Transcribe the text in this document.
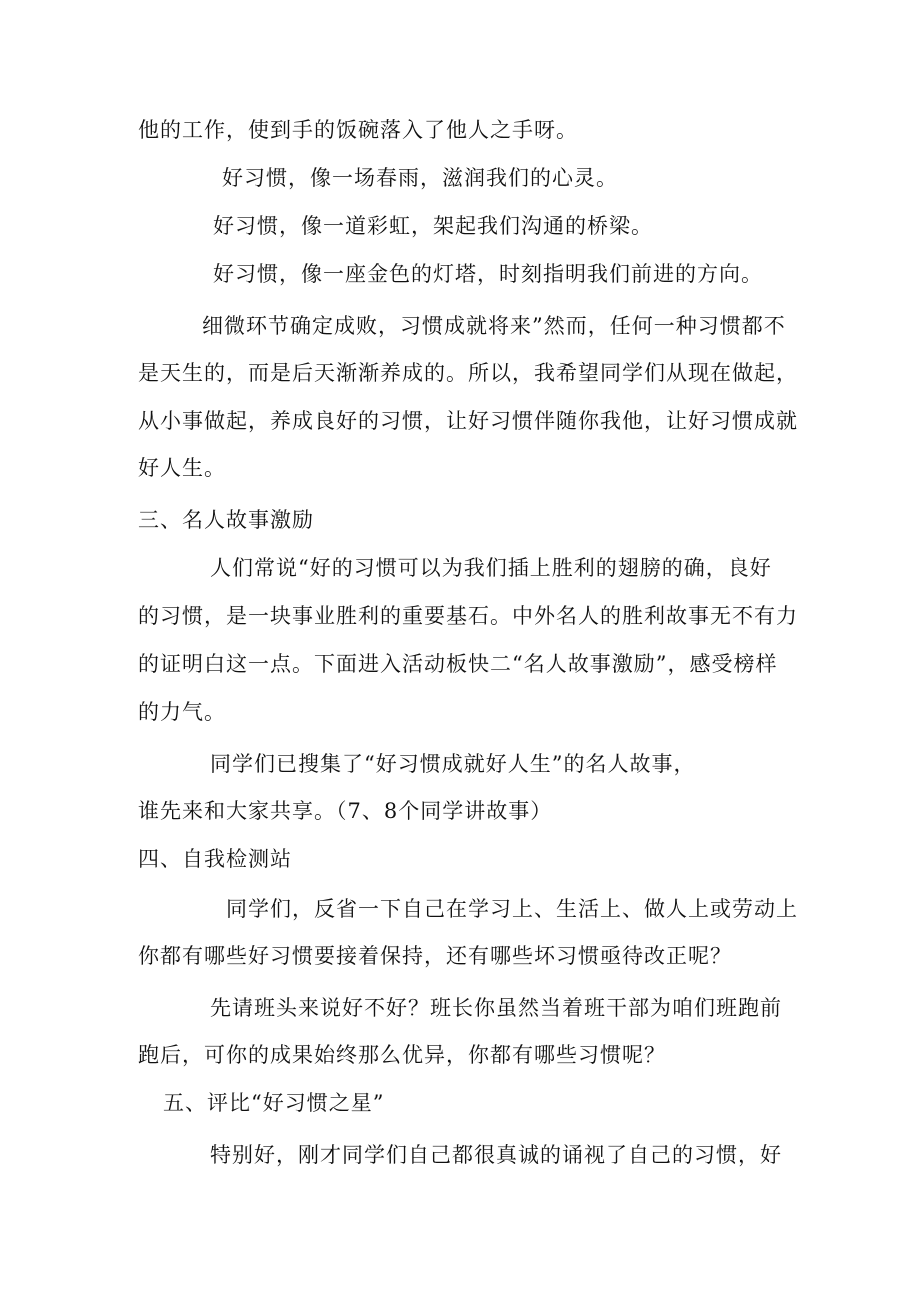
他的工作，使到手的饭碗落入了他人之手呀。
好习惯，像一场春雨，滋润我们的心灵。
好习惯，像一道彩虹，架起我们沟通的桥梁。
好习惯，像一座金色的灯塔，时刻指明我们前进的方向。
细微环节确定成败，习惯成就将来”然而，任何一种习惯都不
是天生的，而是后天渐渐养成的。所以，我希望同学们从现在做起，
从小事做起，养成良好的习惯，让好习惯伴随你我他，让好习惯成就
好人生。
三、名人故事激励
人们常说“好的习惯可以为我们插上胜利的翅膀的确，良好
的习惯，是一块事业胜利的重要基石。中外名人的胜利故事无不有力
的证明白这一点。下面进入活动板快二“名人故事激励”，感受榜样
的力气。
同学们已搜集了“好习惯成就好人生”的名人故事，
谁先来和大家共享。（7、8个同学讲故事）
四、自我检测站
同学们，反省一下自己在学习上、生活上、做人上或劳动上
你都有哪些好习惯要接着保持，还有哪些坏习惯亟待改正呢？
先请班头来说好不好？班长你虽然当着班干部为咱们班跑前
跑后，可你的成果始终那么优异，你都有哪些习惯呢？
五、评比“好习惯之星”
特别好，刚才同学们自己都很真诚的诵视了自己的习惯，好
